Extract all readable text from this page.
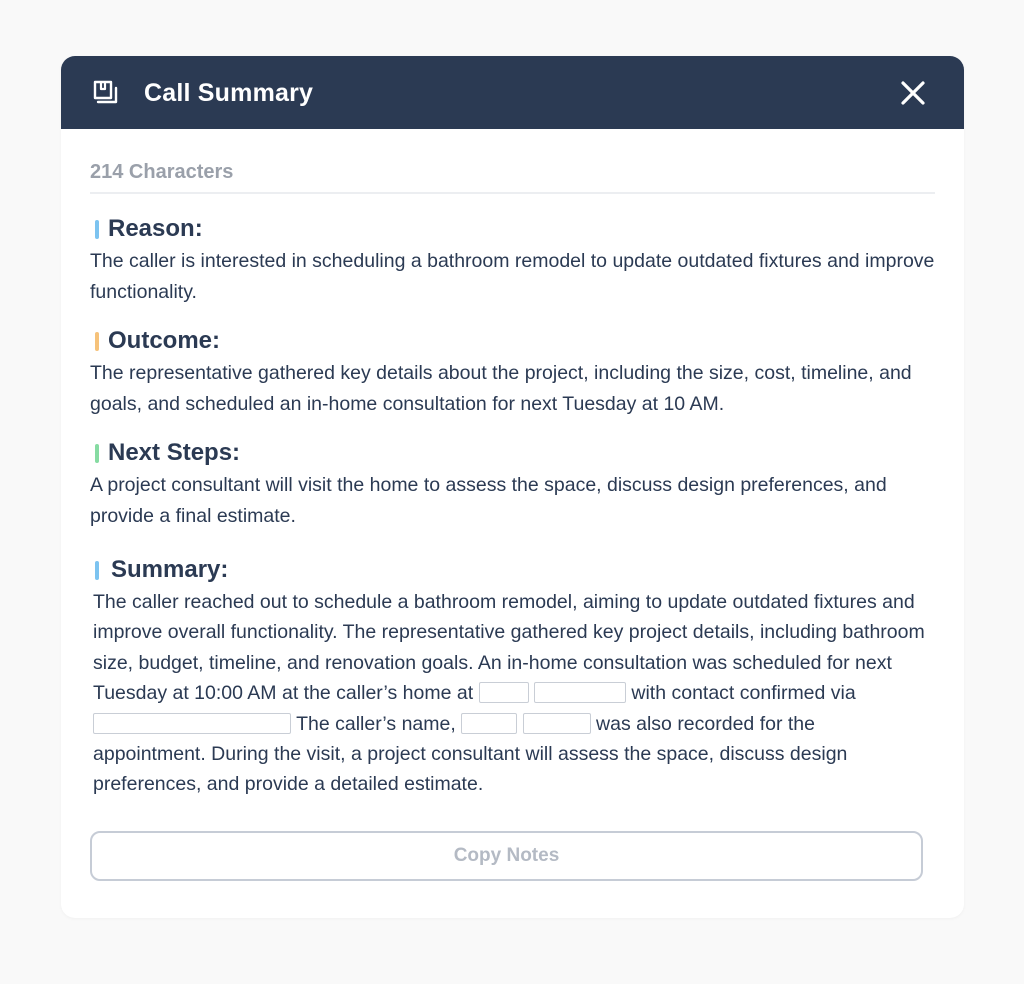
Call Summary
214 Characters
Reason:
The caller is interested in scheduling a bathroom remodel to update outdated fixtures and improve functionality.
Outcome:
The representative gathered key details about the project, including the size, cost, timeline, and goals, and scheduled an in-home consultation for next Tuesday at 10 AM.
Next Steps:
A project consultant will visit the home to assess the space, discuss design preferences, and provide a final estimate.
Summary:
The caller reached out to schedule a bathroom remodel, aiming to update outdated fixtures and improve overall functionality. The representative gathered key project details, including bathroom size, budget, timeline, and renovation goals. An in-home consultation was scheduled for next Tuesday at 10:00 AM at the caller’s home at	with contact confirmed via  The caller’s name,	was also recorded for the appointment. During the visit, a project consultant will assess the space, discuss design preferences, and provide a detailed estimate.
Copy Notes
